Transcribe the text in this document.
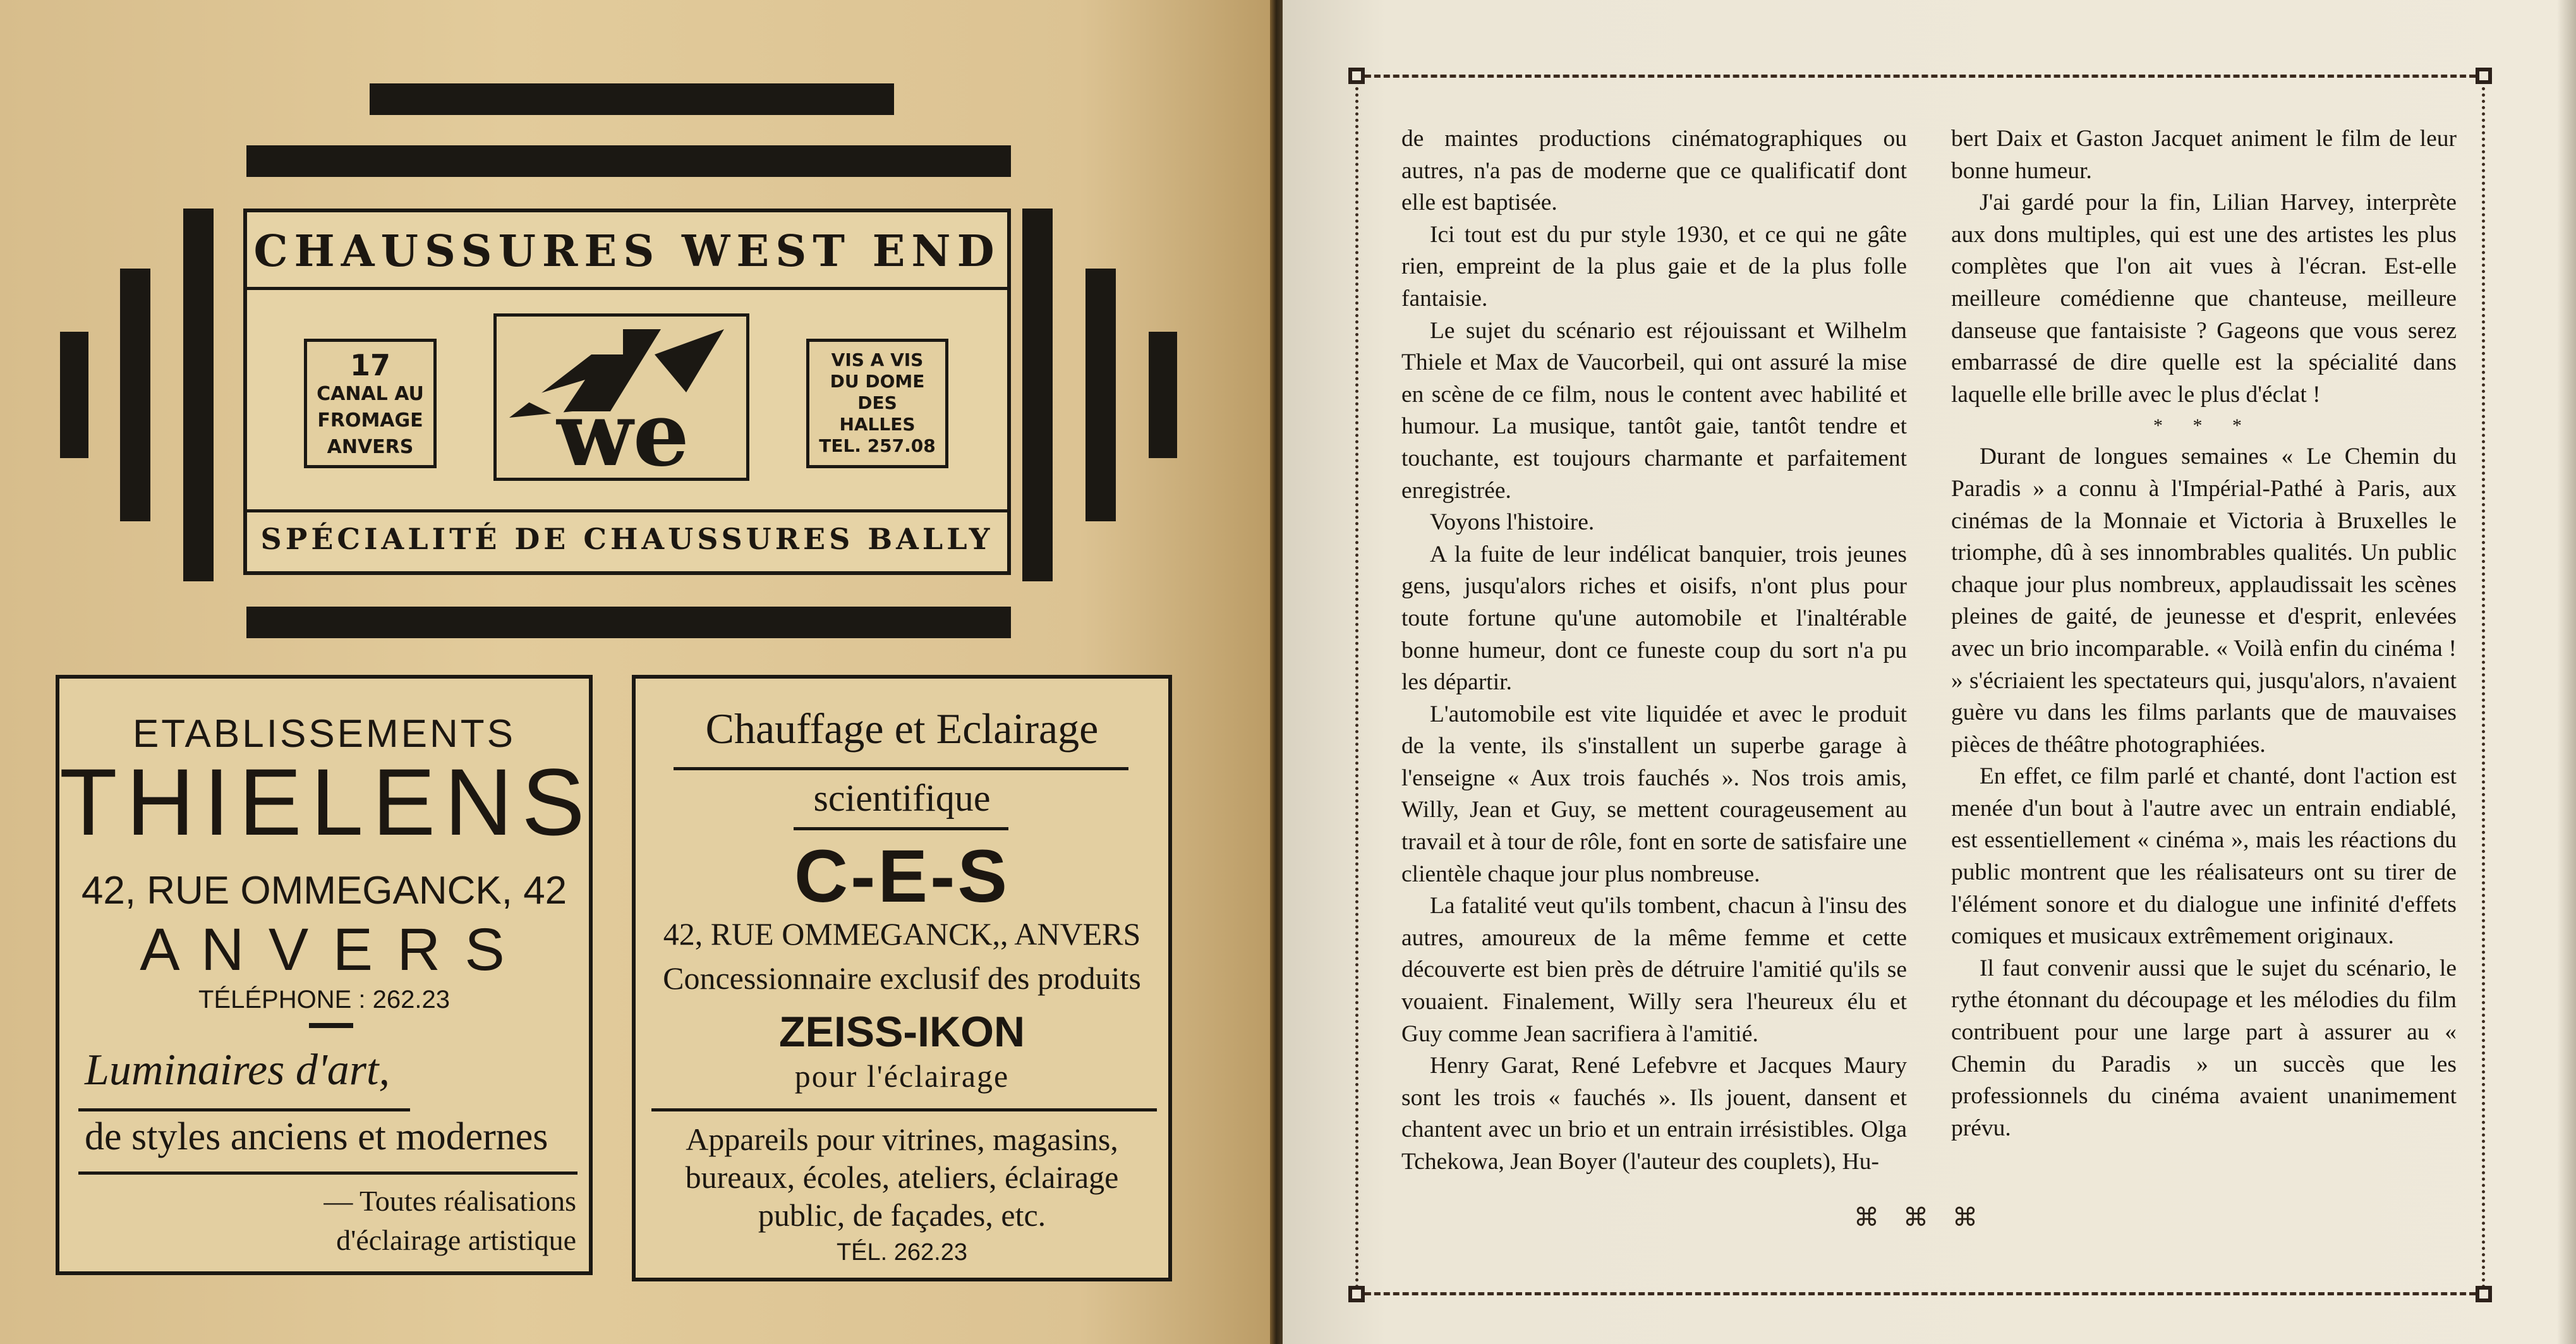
CHAUSSURES WEST END
17
CANAL AU
FROMAGE
ANVERS we
VIS A VIS
DU DOME
DES
HALLES
TEL. 257.08
SPÉCIALITÉ DE CHAUSSURES BALLY
ETABLISSEMENTS
THIELENS
42, RUE OMMEGANCK, 42
A N V E R S
TÉLÉPHONE : 262.23
Luminaires d'art,
de styles anciens et modernes
— Toutes réalisations
d'éclairage artistique
Chauffage et Eclairage
scientifique
C-E-S
42, RUE OMMEGANCK,, ANVERS
Concessionnaire exclusif des produits
ZEISS-IKON
pour l'éclairage
Appareils pour vitrines, magasins,
bureaux, écoles, ateliers, éclairage
public, de façades, etc.
TÉL. 262.23

de maintes productions cinématographiques ou autres, n'a pas de moderne que ce qualificatif dont elle est baptisée.

Ici tout est du pur style 1930, et ce qui ne gâte rien, empreint de la plus gaie et de la plus folle fantaisie.

Le sujet du scénario est réjouissant et Wilhelm Thiele et Max de Vaucorbeil, qui ont assuré la mise en scène de ce film, nous le content avec habilité et humour. La musique, tantôt gaie, tantôt tendre et touchante, est toujours charmante et parfaitement enregistrée.

Voyons l'histoire.

A la fuite de leur indélicat banquier, trois jeunes gens, jusqu'alors riches et oisifs, n'ont plus pour toute fortune qu'une automobile et l'inaltérable bonne humeur, dont ce funeste coup du sort n'a pu les départir.

L'automobile est vite liquidée et avec le produit de la vente, ils s'installent un superbe garage à l'enseigne « Aux trois fauchés ». Nos trois amis, Willy, Jean et Guy, se mettent courageusement au travail et à tour de rôle, font en sorte de satisfaire une clientèle chaque jour plus nombreuse.

La fatalité veut qu'ils tombent, chacun à l'insu des autres, amoureux de la même femme et cette découverte est bien près de détruire l'amitié qu'ils se vouaient. Finalement, Willy sera l'heureux élu et Guy comme Jean sacrifiera à l'amitié.

Henry Garat, René Lefebvre et Jacques Maury sont les trois « fauchés ». Ils jouent, dansent et chantent avec un brio et un entrain irrésistibles. Olga Tchekowa, Jean Boyer (l'auteur des couplets), Hu-

bert Daix et Gaston Jacquet animent le film de leur bonne humeur.

J'ai gardé pour la fin, Lilian Harvey, interprète aux dons multiples, qui est une des artistes les plus complètes que l'on ait vues à l'écran. Est-elle meilleure comédienne que chanteuse, meilleure danseuse que fantaisiste ? Gageons que vous serez embarrassé de dire quelle est la spécialité dans laquelle elle brille avec le plus d'éclat !

* * *

Durant de longues semaines « Le Chemin du Paradis » a connu à l'Impérial-Pathé à Paris, aux cinémas de la Monnaie et Victoria à Bruxelles le triomphe, dû à ses innombrables qualités. Un public chaque jour plus nombreux, applaudissait les scènes pleines de gaité, de jeunesse et d'esprit, enlevées avec un brio incomparable. « Voilà enfin du cinéma ! » s'écriaient les spectateurs qui, jusqu'alors, n'avaient guère vu dans les films parlants que de mauvaises pièces de théâtre photographiées.

En effet, ce film parlé et chanté, dont l'action est menée d'un bout à l'autre avec un entrain endiablé, est essentiellement « cinéma », mais les réactions du public montrent que les réalisateurs ont su tirer de l'élément sonore et du dialogue une infinité d'effets comiques et musicaux extrêmement originaux.

Il faut convenir aussi que le sujet du scénario, le rythe étonnant du découpage et les mélodies du film contribuent pour une large part à assurer au « Chemin du Paradis » un succès que les professionnels du cinéma avaient unanimement prévu.

⌘ ⌘ ⌘
